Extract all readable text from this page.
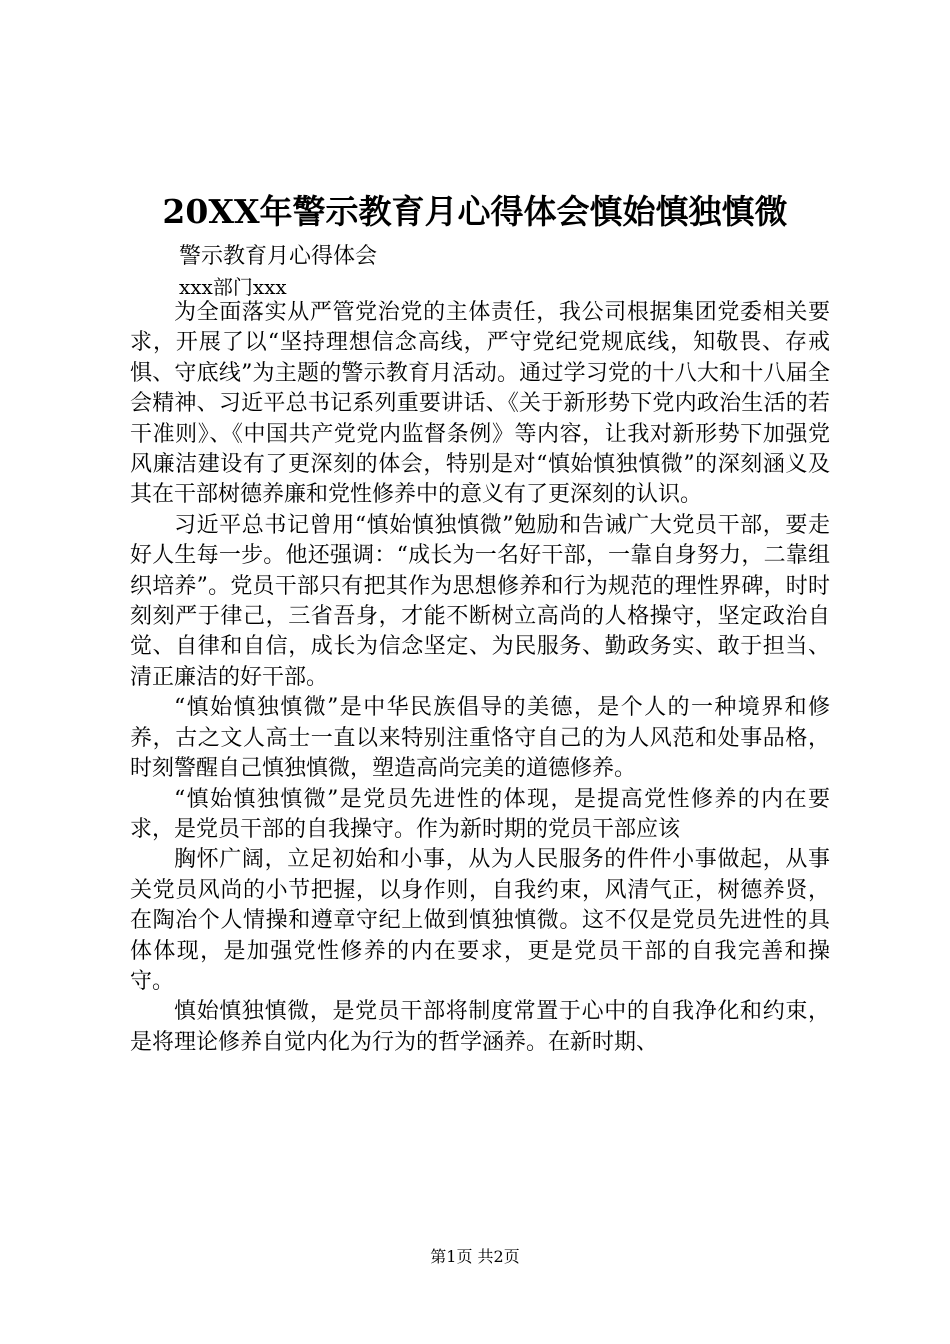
20XX年警示教育月心得体会慎始慎独慎微
警示教育月心得体会
xxx部门xxx

为全面落实从严管党治党的主体责任，我公司根据集团党委相关要求，开展了以“坚持理想信念高线，严守党纪党规底线，知敬畏、存戒惧、守底线”为主题的警示教育月活动。通过学习党的十八大和十八届全会精神、习近平总书记系列重要讲话、《关于新形势下党内政治生活的若干准则》、《中国共产党党内监督条例》等内容，让我对新形势下加强党风廉洁建设有了更深刻的体会，特别是对“慎始慎独慎微”的深刻涵义及其在干部树德养廉和党性修养中的意义有了更深刻的认识。

习近平总书记曾用“慎始慎独慎微”勉励和告诫广大党员干部，要走好人生每一步。他还强调：“成长为一名好干部，一靠自身努力，二靠组织培养”。党员干部只有把其作为思想修养和行为规范的理性界碑，时时刻刻严于律己，三省吾身，才能不断树立高尚的人格操守，坚定政治自觉、自律和自信，成长为信念坚定、为民服务、勤政务实、敢于担当、清正廉洁的好干部。

“慎始慎独慎微”是中华民族倡导的美德，是个人的一种境界和修养，古之文人高士一直以来特别注重恪守自己的为人风范和处事品格，时刻警醒自己慎独慎微，塑造高尚完美的道德修养。

“慎始慎独慎微”是党员先进性的体现，是提高党性修养的内在要求，是党员干部的自我操守。作为新时期的党员干部应该

胸怀广阔，立足初始和小事，从为人民服务的件件小事做起，从事关党员风尚的小节把握，以身作则，自我约束，风清气正，树德养贤，在陶冶个人情操和遵章守纪上做到慎独慎微。这不仅是党员先进性的具体体现，是加强党性修养的内在要求，更是党员干部的自我完善和操守。

慎始慎独慎微，是党员干部将制度常置于心中的自我净化和约束，是将理论修养自觉内化为行为的哲学涵养。在新时期、

第1页 共2页
